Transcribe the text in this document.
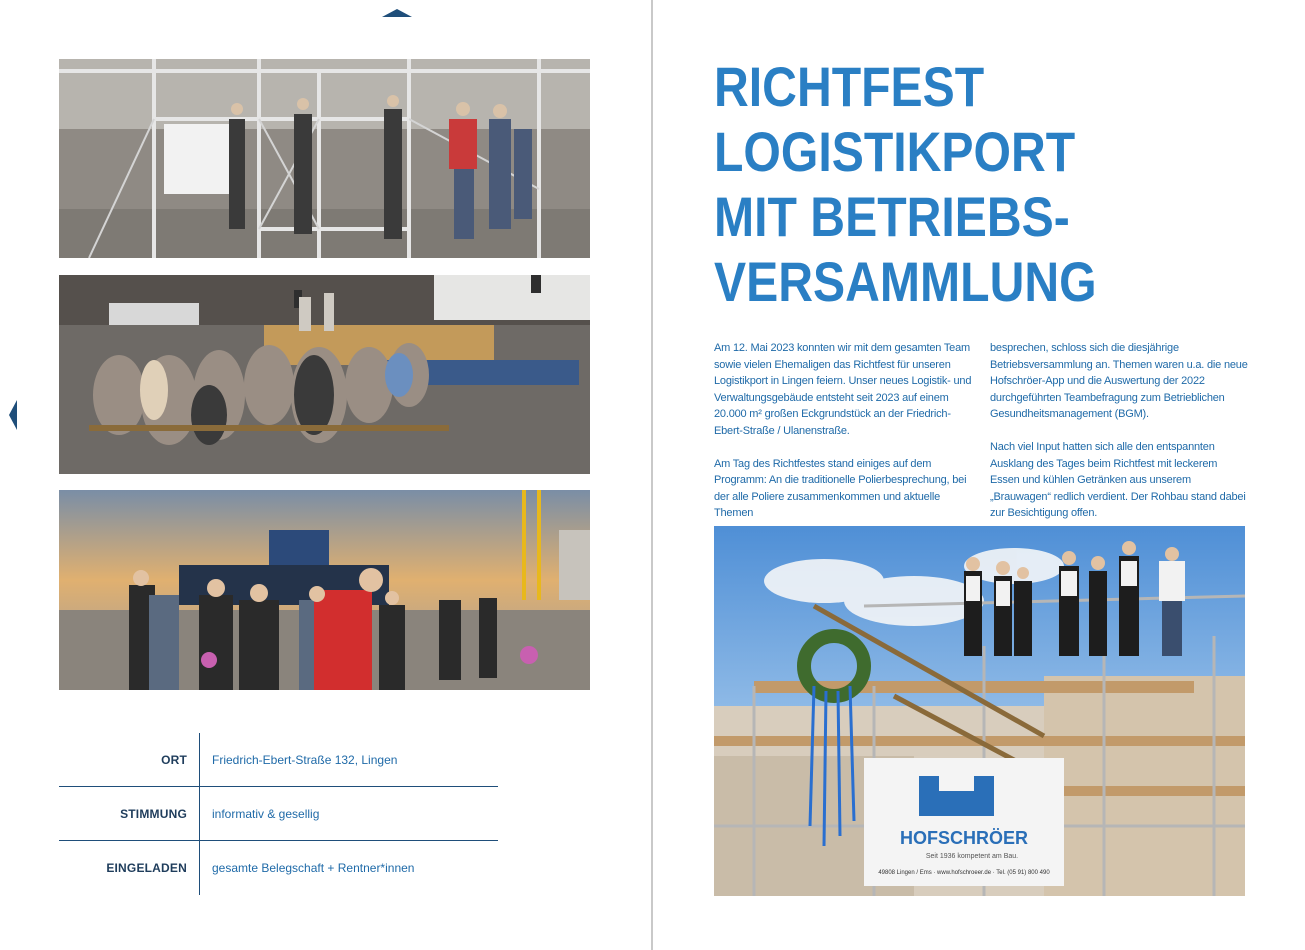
ORT Friedrich-Ebert-Straße 132, Lingen
STIMMUNG informativ & gesellig
EINGELADEN gesamte Belegschaft + Rentner*innen
RICHTFEST
LOGISTIKPORT
MIT BETRIEBS-
VERSAMMLUNG

Am 12. Mai 2023 konnten wir mit dem gesamten Team sowie vielen Ehemaligen das Richtfest für unseren Logistikport in Lingen feiern. Unser neues Logistik- und Verwaltungsgebäude entsteht seit 2023 auf einem 20.000 m² großen Eckgrundstück an der Friedrich-Ebert-Straße / Ulanenstraße.

Am Tag des Richtfestes stand einiges auf dem Programm: An die traditionelle Polierbesprechung, bei der alle Poliere zusammenkommen und aktuelle Themen

besprechen, schloss sich die diesjährige Betriebsversammlung an. Themen waren u.a. die neue Hofschröer-App und die Auswertung der 2022 durchgeführten Teambefragung zum Betrieblichen Gesundheitsmanagement (BGM).

Nach viel Input hatten sich alle den entspannten Ausklang des Tages beim Richtfest mit leckerem Essen und kühlen Getränken aus unserem „Brauwagen“ redlich verdient. Der Rohbau stand dabei zur Besichtigung offen.

HOFSCHRÖER
Seit 1936 kompetent am Bau.
49808 Lingen / Ems · www.hofschroeer.de · Tel. (05 91) 800 490
